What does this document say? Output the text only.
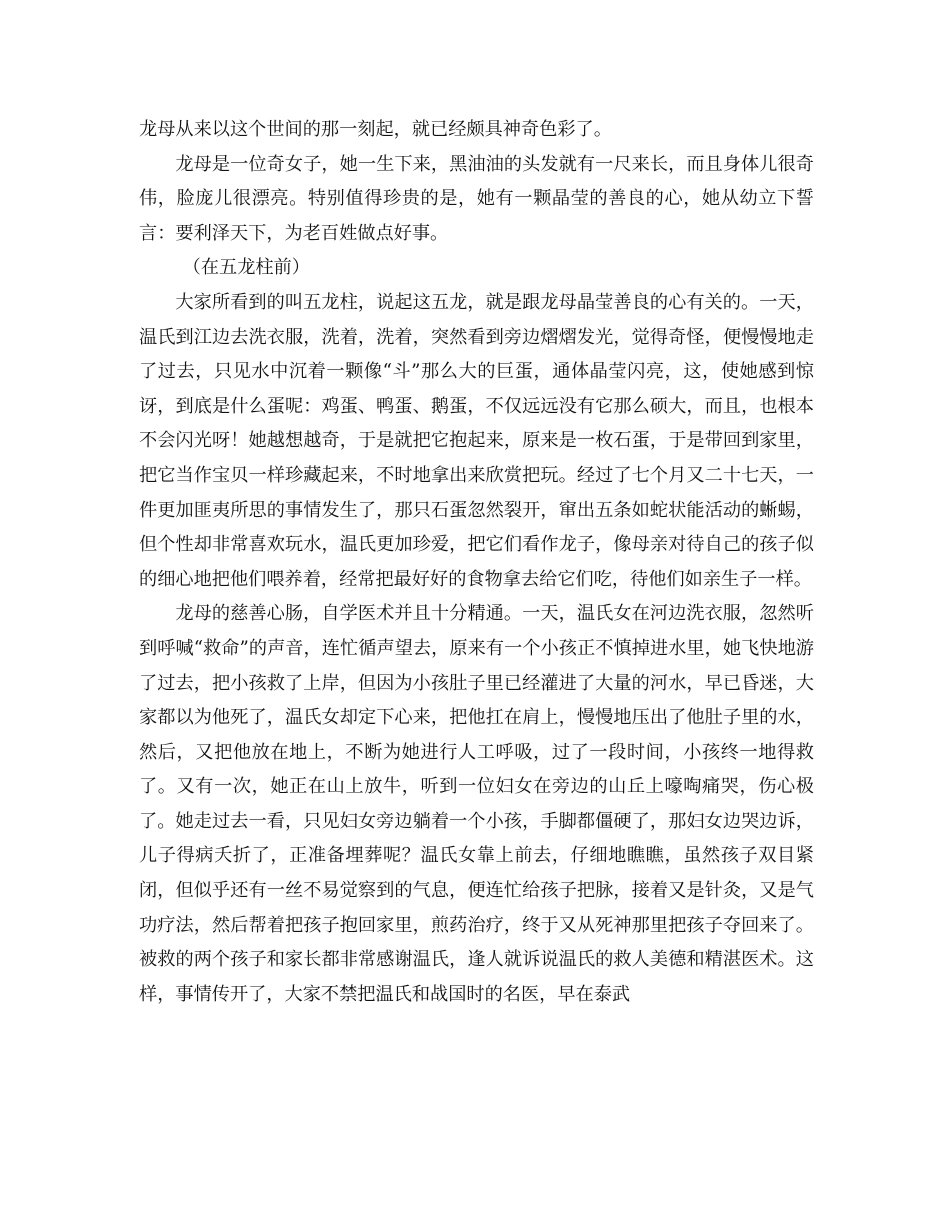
龙母从来以这个世间的那一刻起，就已经颇具神奇色彩了。

龙母是一位奇女子，她一生下来，黑油油的头发就有一尺来长，而且身体儿很奇伟，脸庞儿很漂亮。特别值得珍贵的是，她有一颗晶莹的善良的心，她从幼立下誓言：要利泽天下，为老百姓做点好事。

（在五龙柱前）

大家所看到的叫五龙柱，说起这五龙，就是跟龙母晶莹善良的心有关的。一天，温氏到江边去洗衣服，洗着，洗着，突然看到旁边熠熠发光，觉得奇怪，便慢慢地走了过去，只见水中沉着一颗像“斗”那么大的巨蛋，通体晶莹闪亮，这，使她感到惊讶，到底是什么蛋呢：鸡蛋、鸭蛋、鹅蛋，不仅远远没有它那么硕大，而且，也根本不会闪光呀！她越想越奇，于是就把它抱起来，原来是一枚石蛋，于是带回到家里，把它当作宝贝一样珍藏起来，不时地拿出来欣赏把玩。经过了七个月又二十七天，一件更加匪夷所思的事情发生了，那只石蛋忽然裂开，窜出五条如蛇状能活动的蜥蜴，但个性却非常喜欢玩水，温氏更加珍爱，把它们看作龙子，像母亲对待自己的孩子似的细心地把他们喂养着，经常把最好好的食物拿去给它们吃，待他们如亲生子一样。

龙母的慈善心肠，自学医术并且十分精通。一天，温氏女在河边洗衣服，忽然听到呼喊“救命”的声音，连忙循声望去，原来有一个小孩正不慎掉进水里，她飞快地游了过去，把小孩救了上岸，但因为小孩肚子里已经灌进了大量的河水，早已昏迷，大家都以为他死了，温氏女却定下心来，把他扛在肩上，慢慢地压出了他肚子里的水，然后，又把他放在地上，不断为她进行人工呼吸，过了一段时间，小孩终一地得救了。又有一次，她正在山上放牛，听到一位妇女在旁边的山丘上嚎啕痛哭，伤心极了。她走过去一看，只见妇女旁边躺着一个小孩，手脚都僵硬了，那妇女边哭边诉，儿子得病夭折了，正准备埋葬呢？温氏女靠上前去，仔细地瞧瞧，虽然孩子双目紧闭，但似乎还有一丝不易觉察到的气息，便连忙给孩子把脉，接着又是针灸，又是气功疗法，然后帮着把孩子抱回家里，煎药治疗，终于又从死神那里把孩子夺回来了。被救的两个孩子和家长都非常感谢温氏，逢人就诉说温氏的救人美德和精湛医术。这样，事情传开了，大家不禁把温氏和战国时的名医，早在泰武
